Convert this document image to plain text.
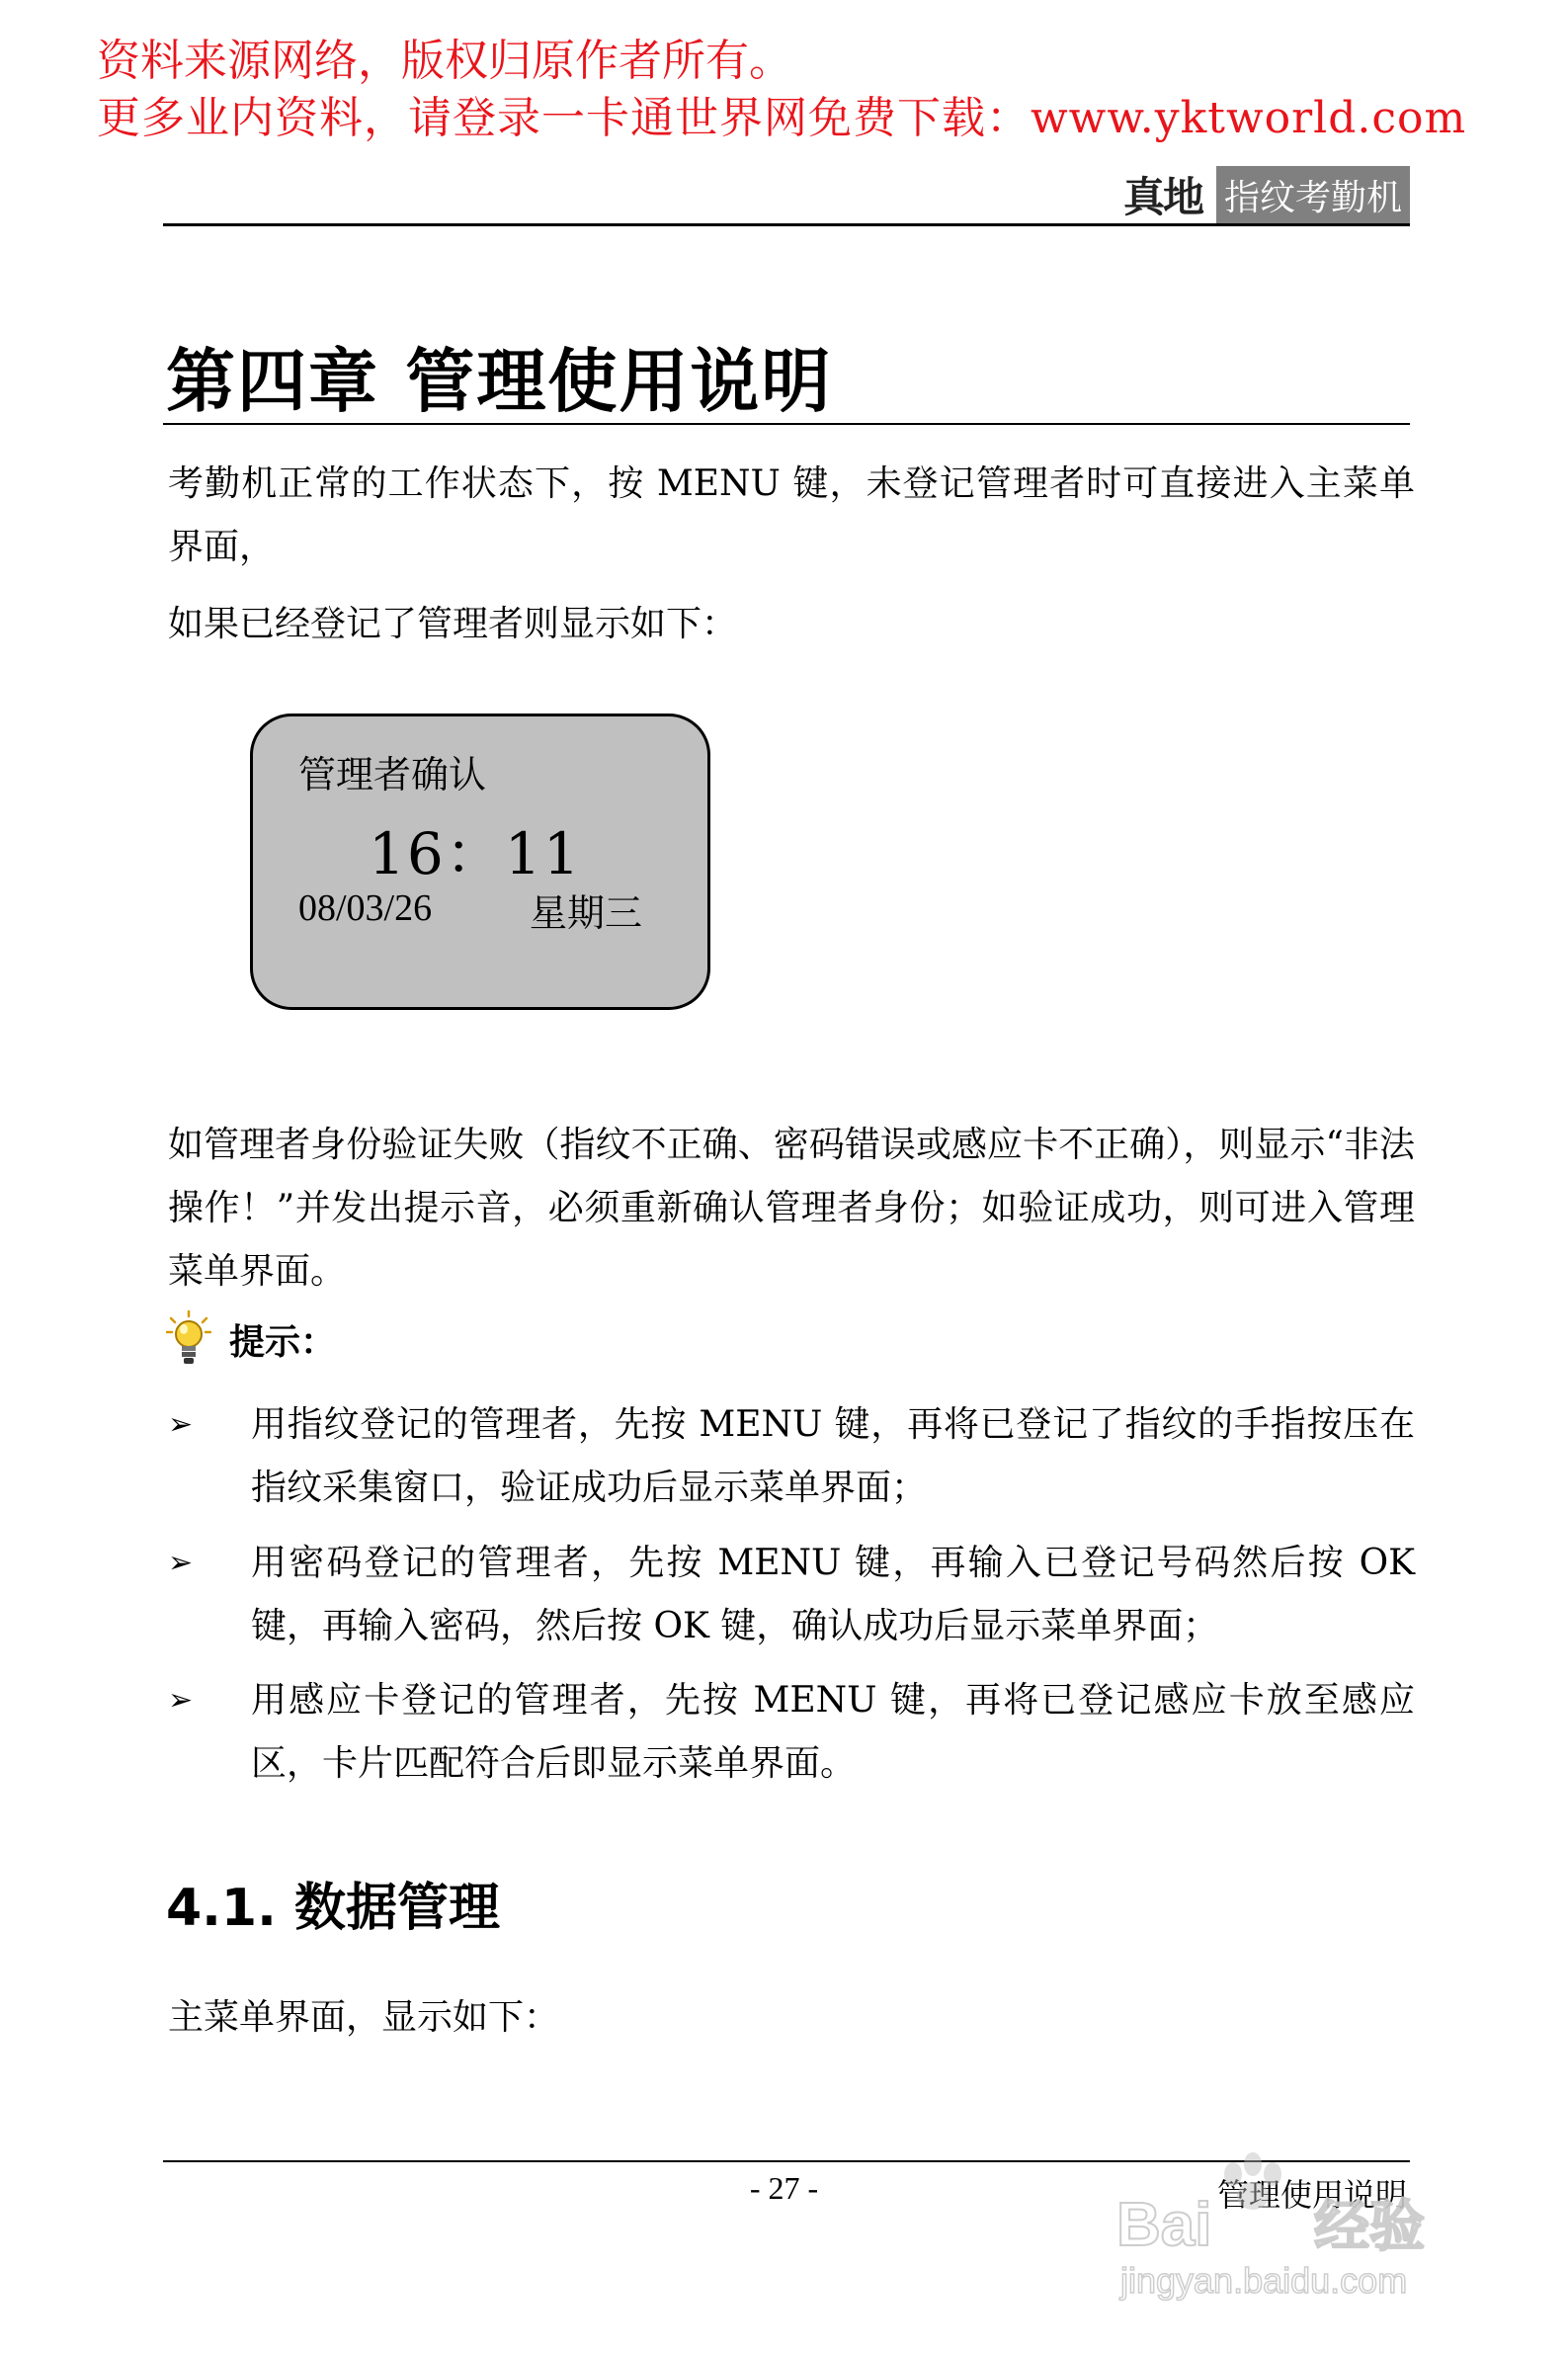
资料来源网络，版权归原作者所有。
更多业内资料，请登录一卡通世界网免费下载：www.yktworld.com
真地 指纹考勤机
第四章 管理使用说明
考勤机正常的工作状态下，按 MENU 键，未登记管理者时可直接进入主菜单界面，
如果已经登记了管理者则显示如下：
管理者确认
16：11
08/03/26	星期三
如管理者身份验证失败（指纹不正确、密码错误或感应卡不正确），则显示“非法操作！”并发出提示音，必须重新确认管理者身份；如验证成功，则可进入管理菜单界面。
提示：
➢	用指纹登记的管理者，先按 MENU 键，再将已登记了指纹的手指按压在指纹采集窗口，验证成功后显示菜单界面；
➢	用密码登记的管理者，先按 MENU 键，再输入已登记号码然后按 OK 键，再输入密码，然后按 OK 键，确认成功后显示菜单界面；
➢	用感应卡登记的管理者，先按 MENU 键，再将已登记感应卡放至感应区，卡片匹配符合后即显示菜单界面。
4.1. 数据管理
主菜单界面，显示如下：
- 27 -	管理使用说明
Bai 经验
jingyan.baidu.com
